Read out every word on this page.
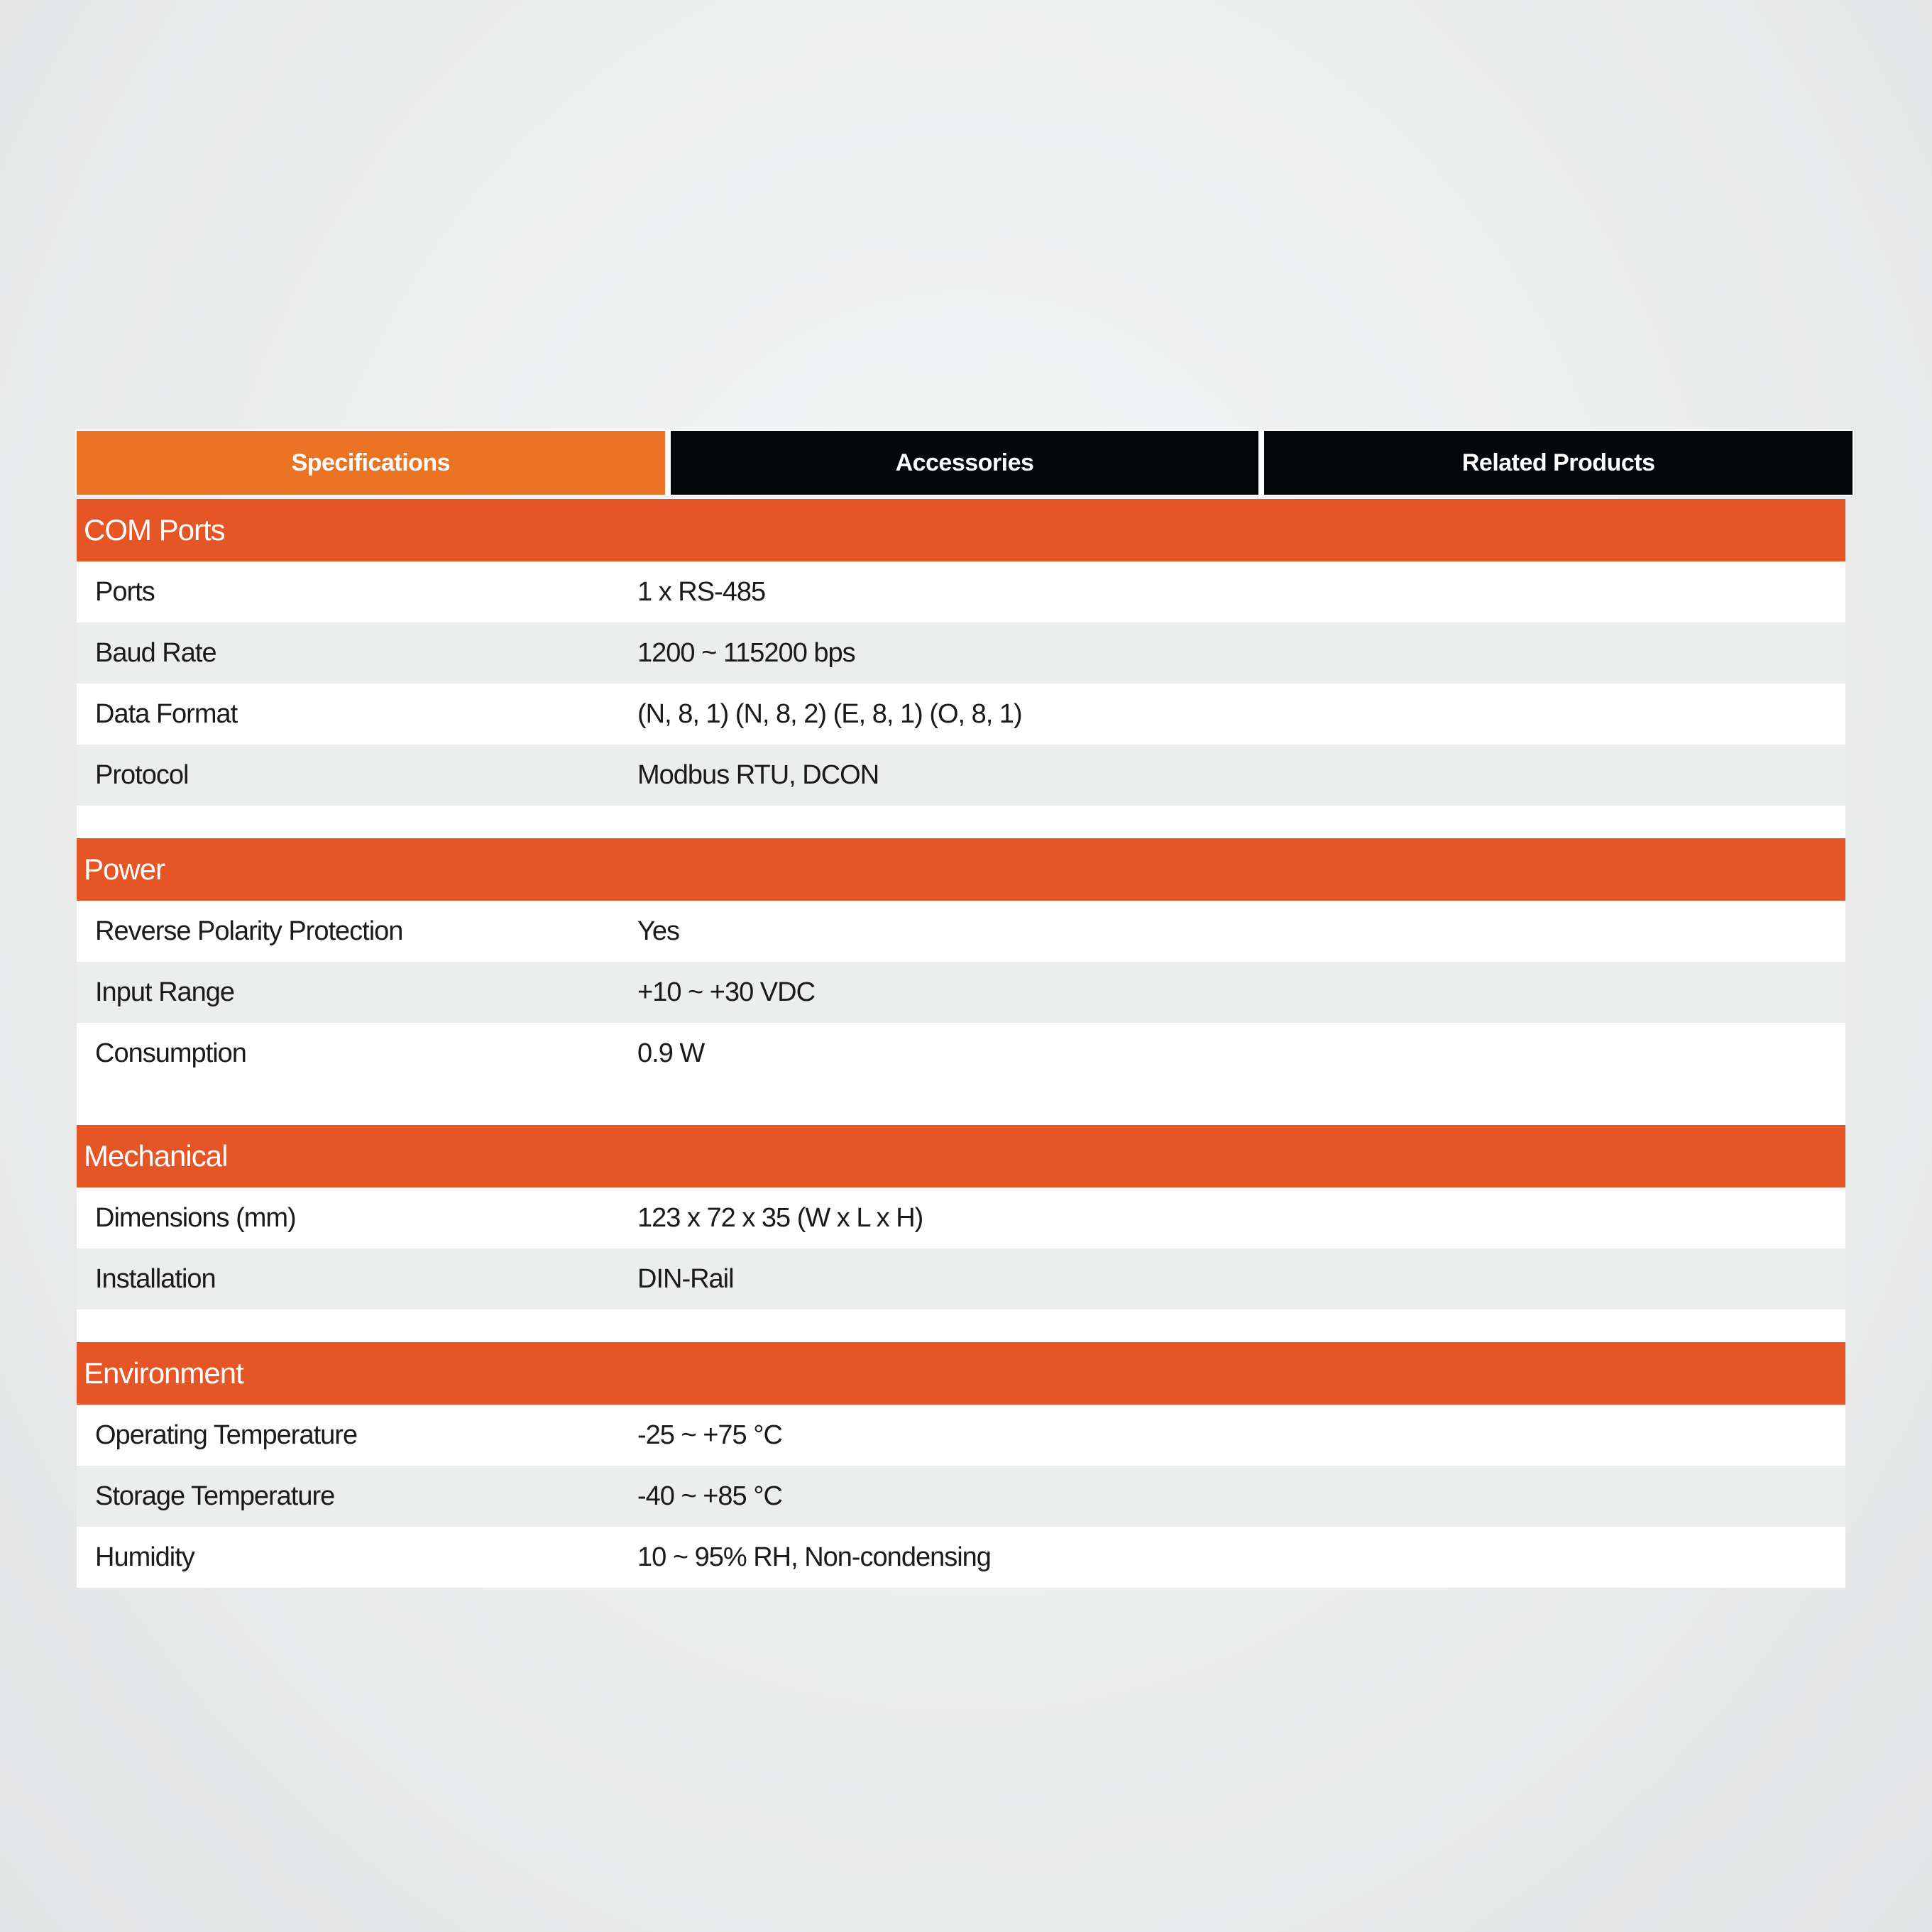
Specifications	Accessories	Related Products
COM Ports
Ports	1 x RS-485
Baud Rate	1200 ~ 115200 bps
Data Format	(N, 8, 1) (N, 8, 2) (E, 8, 1) (O, 8, 1)
Protocol	Modbus RTU, DCON
Power
Reverse Polarity Protection	Yes
Input Range	+10 ~ +30 VDC
Consumption	0.9 W
Mechanical
Dimensions (mm)	123 x 72 x 35 (W x L x H)
Installation	DIN-Rail
Environment
Operating Temperature	-25 ~ +75 °C
Storage Temperature	-40 ~ +85 °C
Humidity	10 ~ 95% RH, Non-condensing
